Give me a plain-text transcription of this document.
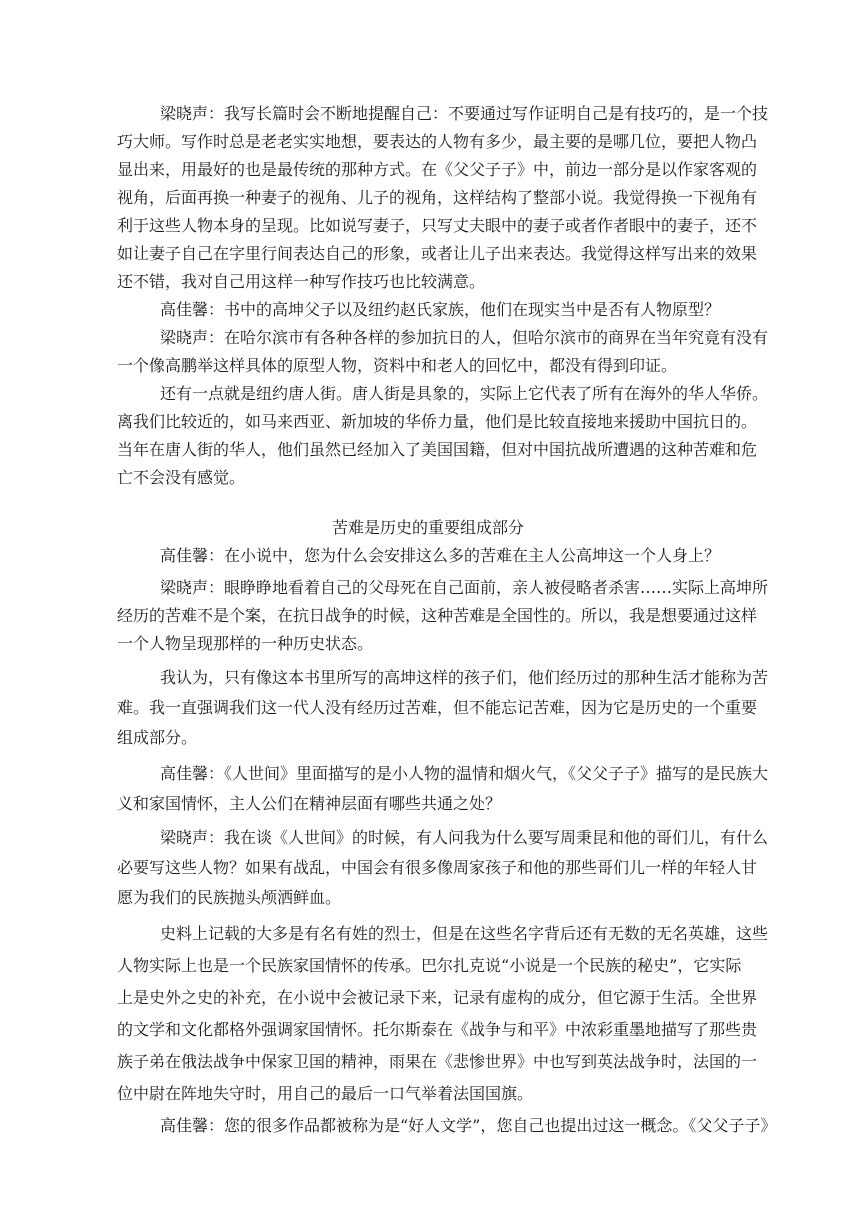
梁晓声：我写长篇时会不断地提醒自己：不要通过写作证明自己是有技巧的，是一个技
巧大师。写作时总是老老实实地想，要表达的人物有多少，最主要的是哪几位，要把人物凸
显出来，用最好的也是最传统的那种方式。在《父父子子》中，前边一部分是以作家客观的
视角，后面再换一种妻子的视角、儿子的视角，这样结构了整部小说。我觉得换一下视角有
利于这些人物本身的呈现。比如说写妻子，只写丈夫眼中的妻子或者作者眼中的妻子，还不
如让妻子自己在字里行间表达自己的形象，或者让儿子出来表达。我觉得这样写出来的效果
还不错，我对自己用这样一种写作技巧也比较满意。
高佳馨：书中的高坤父子以及纽约赵氏家族，他们在现实当中是否有人物原型？
梁晓声：在哈尔滨市有各种各样的参加抗日的人，但哈尔滨市的商界在当年究竟有没有
一个像高鹏举这样具体的原型人物，资料中和老人的回忆中，都没有得到印证。
还有一点就是纽约唐人街。唐人街是具象的，实际上它代表了所有在海外的华人华侨。
离我们比较近的，如马来西亚、新加坡的华侨力量，他们是比较直接地来援助中国抗日的。
当年在唐人街的华人，他们虽然已经加入了美国国籍，但对中国抗战所遭遇的这种苦难和危
亡不会没有感觉。
苦难是历史的重要组成部分
高佳馨：在小说中，您为什么会安排这么多的苦难在主人公高坤这一个人身上？
梁晓声：眼睁睁地看着自己的父母死在自己面前，亲人被侵略者杀害……实际上高坤所
经历的苦难不是个案，在抗日战争的时候，这种苦难是全国性的。所以，我是想要通过这样
一个人物呈现那样的一种历史状态。
我认为，只有像这本书里所写的高坤这样的孩子们，他们经历过的那种生活才能称为苦
难。我一直强调我们这一代人没有经历过苦难，但不能忘记苦难，因为它是历史的一个重要
组成部分。
高佳馨：《人世间》里面描写的是小人物的温情和烟火气，《父父子子》描写的是民族大
义和家国情怀，主人公们在精神层面有哪些共通之处？
梁晓声：我在谈《人世间》的时候，有人问我为什么要写周秉昆和他的哥们儿，有什么
必要写这些人物？如果有战乱，中国会有很多像周家孩子和他的那些哥们儿一样的年轻人甘
愿为我们的民族抛头颅洒鲜血。
史料上记载的大多是有名有姓的烈士，但是在这些名字背后还有无数的无名英雄，这些
人物实际上也是一个民族家国情怀的传承。巴尔扎克说“小说是一个民族的秘史”，它实际
上是史外之史的补充，在小说中会被记录下来，记录有虚构的成分，但它源于生活。全世界
的文学和文化都格外强调家国情怀。托尔斯泰在《战争与和平》中浓彩重墨地描写了那些贵
族子弟在俄法战争中保家卫国的精神，雨果在《悲惨世界》中也写到英法战争时，法国的一
位中尉在阵地失守时，用自己的最后一口气举着法国国旗。
高佳馨：您的很多作品都被称为是“好人文学”，您自己也提出过这一概念。《父父子子》
